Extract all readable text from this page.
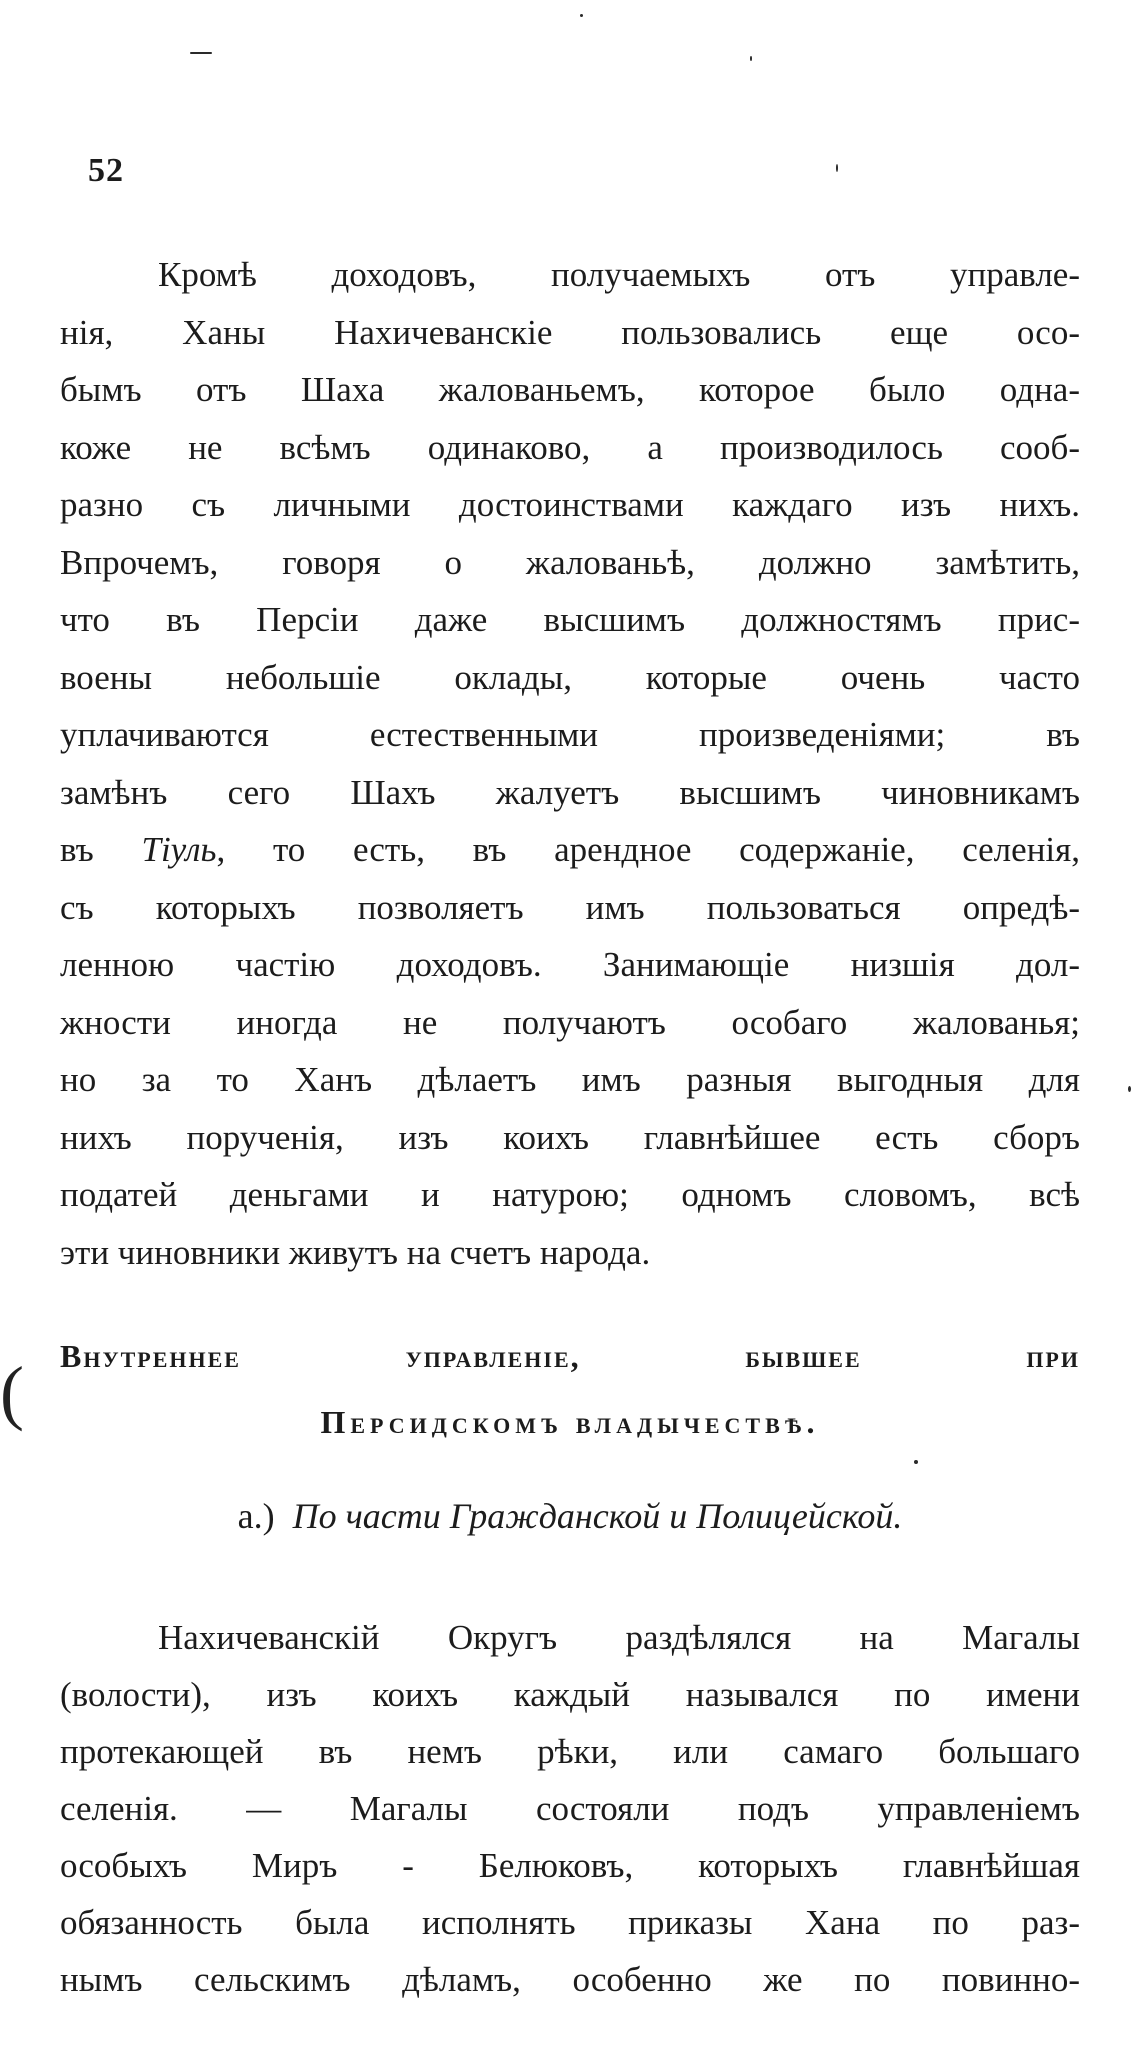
52
Кромѣ доходовъ, получаемыхъ отъ управле-
нія, Ханы Нахичеванскіе пользовались еще осо-
бымъ отъ Шаха жалованьемъ, которое было одна-
коже не всѣмъ одинаково, а производилось сооб-
разно съ личными достоинствами каждаго изъ нихъ.
Впрочемъ, говоря о жалованьѣ, должно замѣтить,
что въ Персіи даже высшимъ должностямъ прис-
воены небольшіе оклады, которые очень часто
уплачиваются естественными произведеніями; въ
замѣнъ сего Шахъ жалуетъ высшимъ чиновникамъ
въ Тіуль, то есть, въ арендное содержаніе, селенія,
съ которыхъ позволяетъ имъ пользоваться опредѣ-
ленною частію доходовъ. Занимающіе низшія дол-
жности иногда не получаютъ особаго жалованья;
но за то Ханъ дѣлаетъ имъ разныя выгодныя для
нихъ порученія, изъ коихъ главнѣйшее есть сборъ
податей деньгами и натурою; одномъ словомъ, всѣ
эти чиновники живутъ на счетъ народа.
( Внутреннее управленіе, бывшее при
Персидскомъ владычествѣ.
а.) По части Гражданской и Полицейской.
Нахичеванскій Округъ раздѣлялся на Магалы
(волости), изъ коихъ каждый назывался по имени
протекающей въ немъ рѣки, или самаго большаго
селенія. — Магалы состояли подъ управленіемъ
особыхъ Миръ - Белюковъ, которыхъ главнѣйшая
обязанность была исполнять приказы Хана по раз-
нымъ сельскимъ дѣламъ, особенно же по повинно-
